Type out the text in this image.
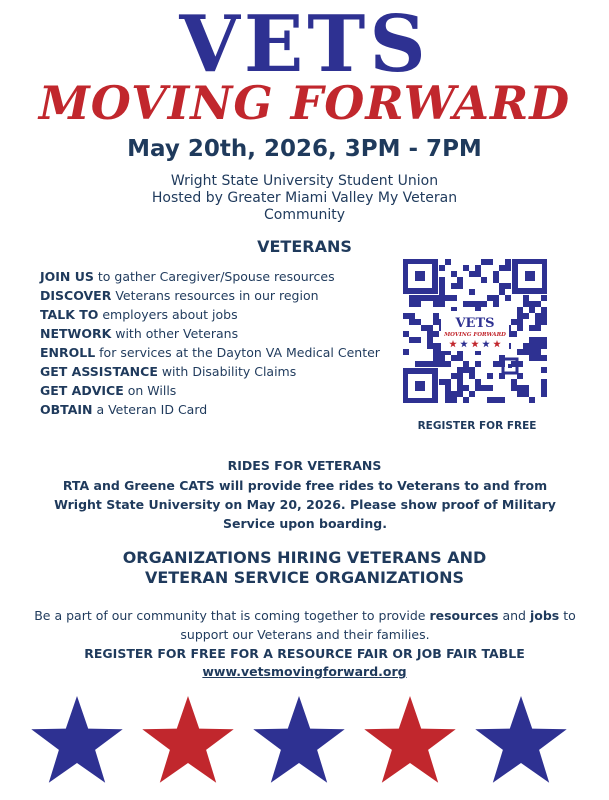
VETS
MOVING FORWARD
May 20th, 2026, 3PM - 7PM
Wright State University Student Union
Hosted by Greater Miami Valley My Veteran
Community
VETERANS
JOIN US to gather Caregiver/Spouse resources
DISCOVER Veterans resources in our region
TALK TO employers about jobs
NETWORK with other Veterans
ENROLL for services at the Dayton VA Medical Center
GET ASSISTANCE with Disability Claims
GET ADVICE on Wills
OBTAIN a Veteran ID Card
VETS
MOVING FORWARD
REGISTER FOR FREE
RIDES FOR VETERANS
RTA and Greene CATS will provide free rides to Veterans to and from Wright State University on May 20, 2026. Please show proof of Military Service upon boarding.
ORGANIZATIONS HIRING VETERANS AND
VETERAN SERVICE ORGANIZATIONS
Be a part of our community that is coming together to provide resources and jobs to support our Veterans and their families.
REGISTER FOR FREE FOR A RESOURCE FAIR OR JOB FAIR TABLE
www.vetsmovingforward.org
